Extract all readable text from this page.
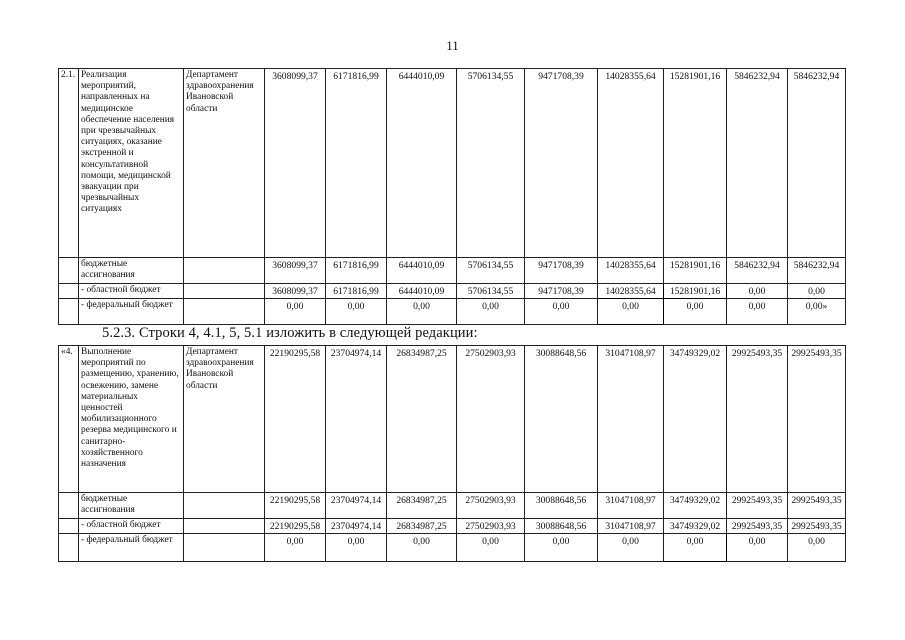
11
2.1.	Реализация мероприятий, направленных на медицинское обеспечение населения при чрезвычайных ситуациях, оказание экстренной и консультативной помощи, медицинской эвакуации при чрезвычайных ситуациях	Департамент здравоохранения Ивановской области	3608099,37	6171816,99	6444010,09	5706134,55	9471708,39	14028355,64	15281901,16	5846232,94	5846232,94
	бюджетные ассигнования		3608099,37	6171816,99	6444010,09	5706134,55	9471708,39	14028355,64	15281901,16	5846232,94	5846232,94
	- областной бюджет		3608099,37	6171816,99	6444010,09	5706134,55	9471708,39	14028355,64	15281901,16	0,00	0,00
	- федеральный бюджет		0,00	0,00	0,00	0,00	0,00	0,00	0,00	0,00	0,00»
5.2.3. Строки 4, 4.1, 5, 5.1 изложить в следующей редакции:
«4.	Выполнение мероприятий по размещению, хранению, освежению, замене материальных ценностей мобилизационного резерва медицинского и санитарно-хозяйственного назначения	Департамент здравоохранения Ивановской области	22190295,58	23704974,14	26834987,25	27502903,93	30088648,56	31047108,97	34749329,02	29925493,35	29925493,35
	бюджетные ассигнования		22190295,58	23704974,14	26834987,25	27502903,93	30088648,56	31047108,97	34749329,02	29925493,35	29925493,35
	- областной бюджет		22190295,58	23704974,14	26834987,25	27502903,93	30088648,56	31047108,97	34749329,02	29925493,35	29925493,35
	- федеральный бюджет		0,00	0,00	0,00	0,00	0,00	0,00	0,00	0,00	0,00
